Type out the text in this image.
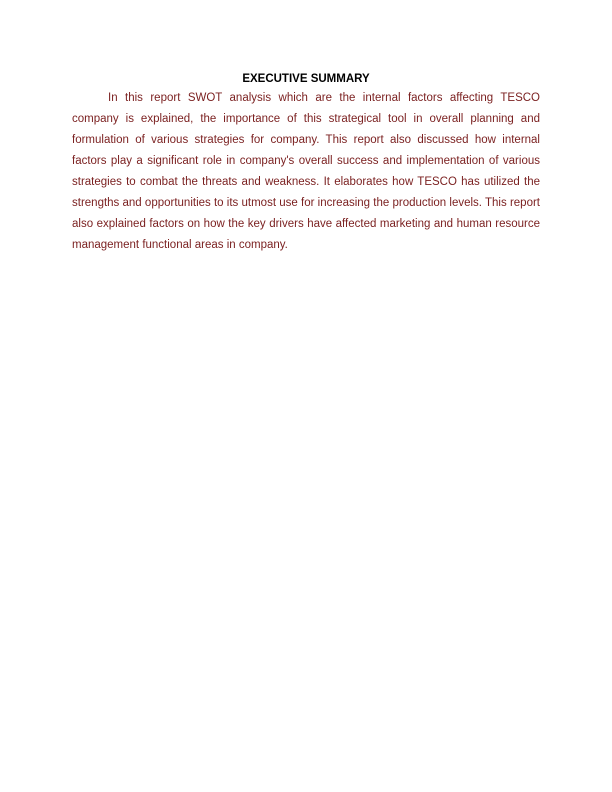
EXECUTIVE SUMMARY

In this report SWOT analysis which are the internal factors affecting TESCO company is explained, the importance of this strategical tool in overall planning and formulation of various strategies for company. This report also discussed how internal factors play a significant role in company's overall success and implementation of various strategies to combat the threats and weakness. It elaborates how TESCO has utilized the strengths and opportunities to its utmost use for increasing the production levels. This report also explained factors on how the key drivers have affected marketing and human resource management functional areas in company.
